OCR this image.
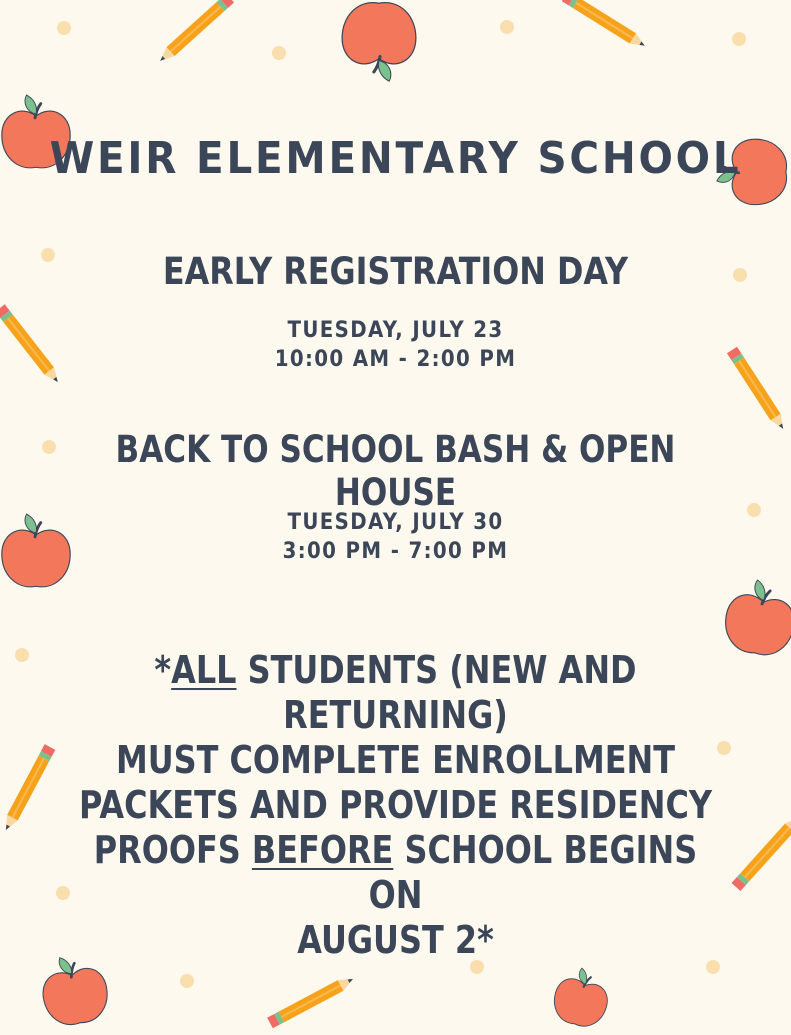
WEIR ELEMENTARY SCHOOL
EARLY REGISTRATION DAY
TUESDAY, JULY 23
10:00 AM - 2:00 PM
BACK TO SCHOOL BASH & OPEN HOUSE
TUESDAY, JULY 30
3:00 PM - 7:00 PM
*ALL STUDENTS (NEW AND RETURNING)
MUST COMPLETE ENROLLMENT
PACKETS AND PROVIDE RESIDENCY
PROOFS BEFORE SCHOOL BEGINS ON
AUGUST 2*
